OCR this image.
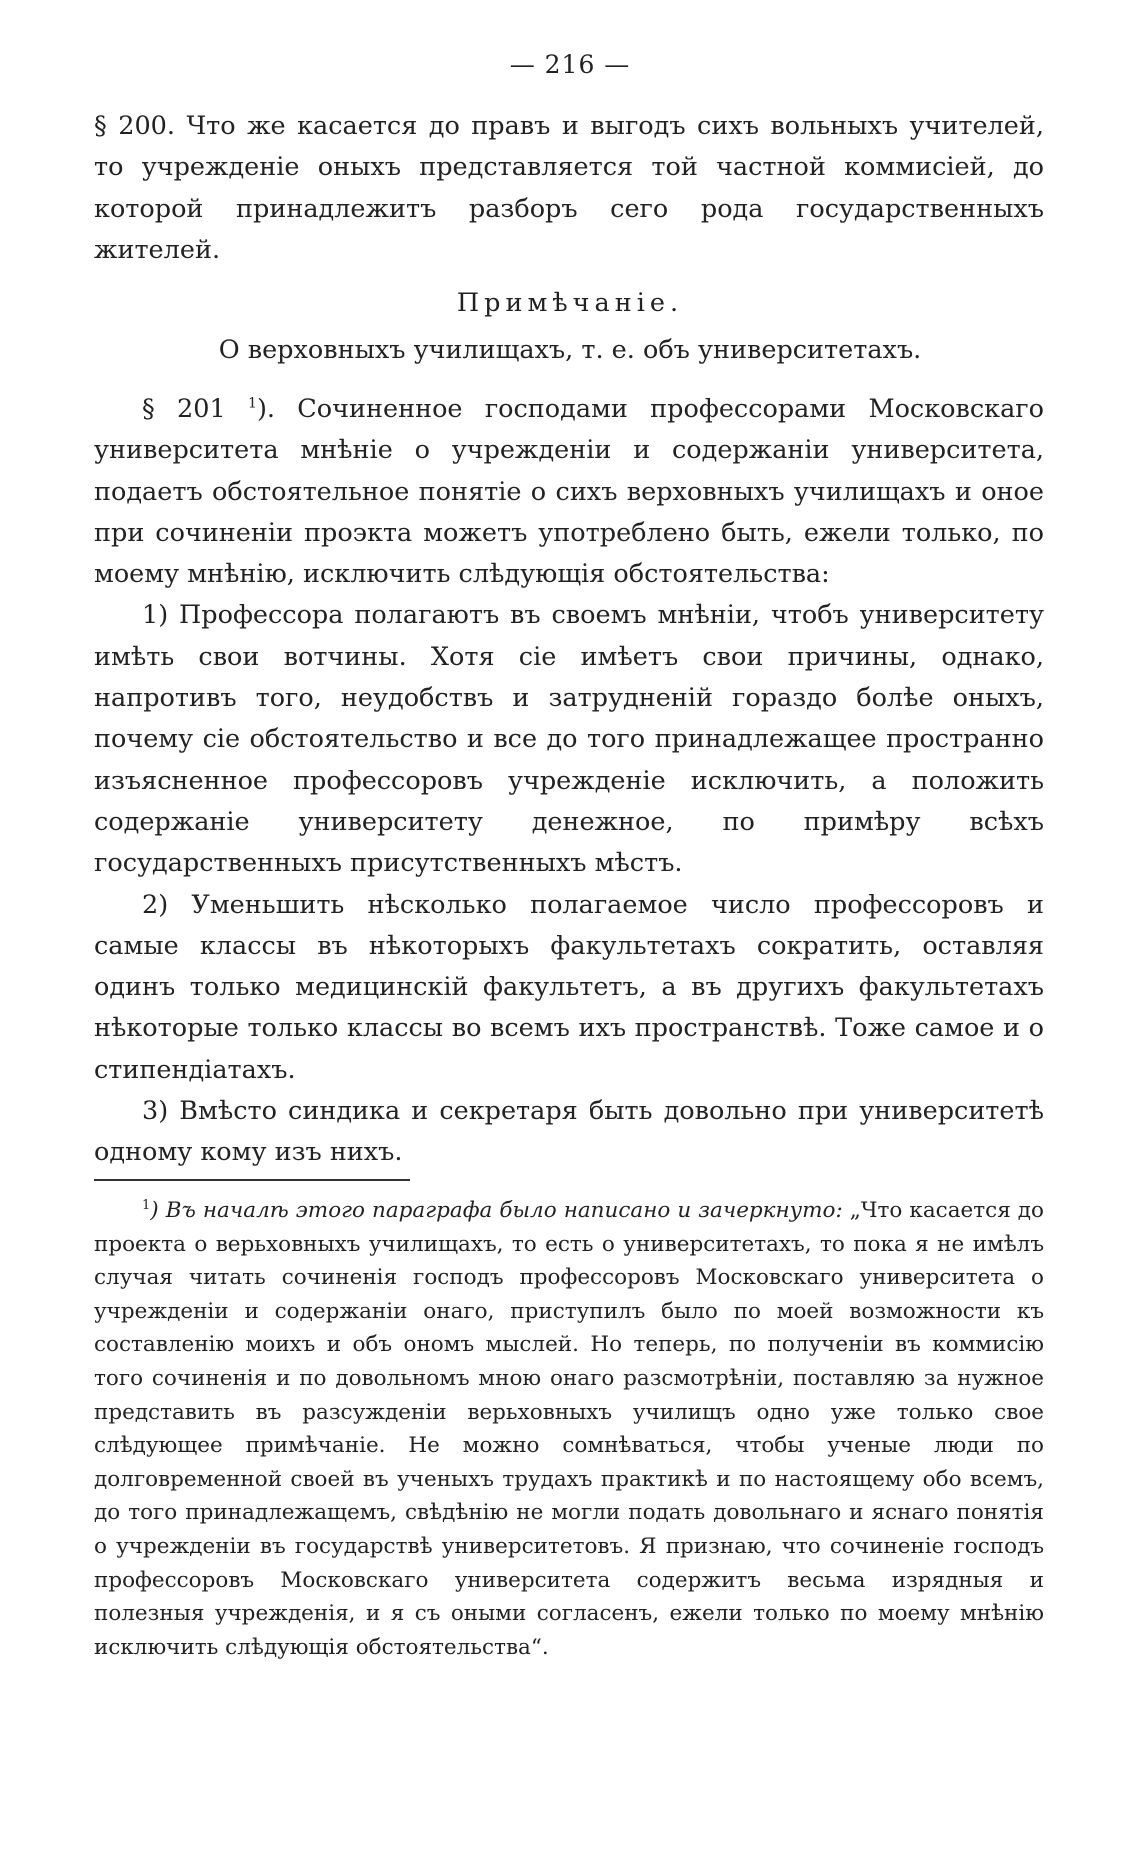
— 216 —

§ 200. Что же касается до правъ и выгодъ сихъ вольныхъ учителей, то учрежденіе оныхъ представляется той частной коммисіей, до которой принадлежитъ разборъ сего рода государственныхъ жителей.

Примѣчаніе.
О верховныхъ училищахъ, т. е. объ университетахъ.

§ 201 $^1$). Сочиненное господами профессорами Московскаго университета мнѣніе о учрежденіи и содержаніи университета, подаетъ обстоятельное понятіе о сихъ верховныхъ училищахъ и оное при сочиненіи проэкта можетъ употреблено быть, ежели только, по моему мнѣнію, исключить слѣдующія обстоятельства:

1) Профессора полагаютъ въ своемъ мнѣніи, чтобъ университету имѣть свои вотчины. Хотя сіе имѣетъ свои причины, однако, напротивъ того, неудобствъ и затрудненій гораздо болѣе оныхъ, почему сіе обстоятельство и все до того принадлежащее пространно изъясненное профессоровъ учрежденіе исключить, а положить содержаніе университету денежное, по примѣру всѣхъ государственныхъ присутственныхъ мѣстъ.

2) Уменьшить нѣсколько полагаемое число профессоровъ и самые классы въ нѣкоторыхъ факультетахъ сократить, оставляя одинъ только медицинскій факультетъ, а въ другихъ факультетахъ нѣкоторые только классы во всемъ ихъ пространствѣ. Тоже самое и о стипендіатахъ.

3) Вмѣсто синдика и секретаря быть довольно при университетѣ одному кому изъ нихъ.

$^1$) Въ началѣ этого параграфа было написано и зачеркнуто: „Что касается до проекта о верьховныхъ училищахъ, то есть о университетахъ, то пока я не имѣлъ случая читать сочиненія господъ профессоровъ Московскаго университета о учрежденіи и содержаніи онаго, приступилъ было по моей возможности къ составленію моихъ и объ ономъ мыслей. Но теперь, по полученіи въ коммисію того сочиненія и по довольномъ мною онаго разсмотрѣніи, поставляю за нужное представить въ разсужденіи верьховныхъ училищъ одно уже только свое слѣдующее примѣчаніе. Не можно сомнѣваться, чтобы ученые люди по долговременной своей въ ученыхъ трудахъ практикѣ и по настоящему обо всемъ, до того принадлежащемъ, свѣдѣнію не могли подать довольнаго и яснаго понятія о учрежденіи въ государствѣ университетовъ. Я признаю, что сочиненіе господъ профессоровъ Московскаго университета содержитъ весьма изрядныя и полезныя учрежденія, и я съ оными согласенъ, ежели только по моему мнѣнію исключить слѣдующія обстоятельства“.
